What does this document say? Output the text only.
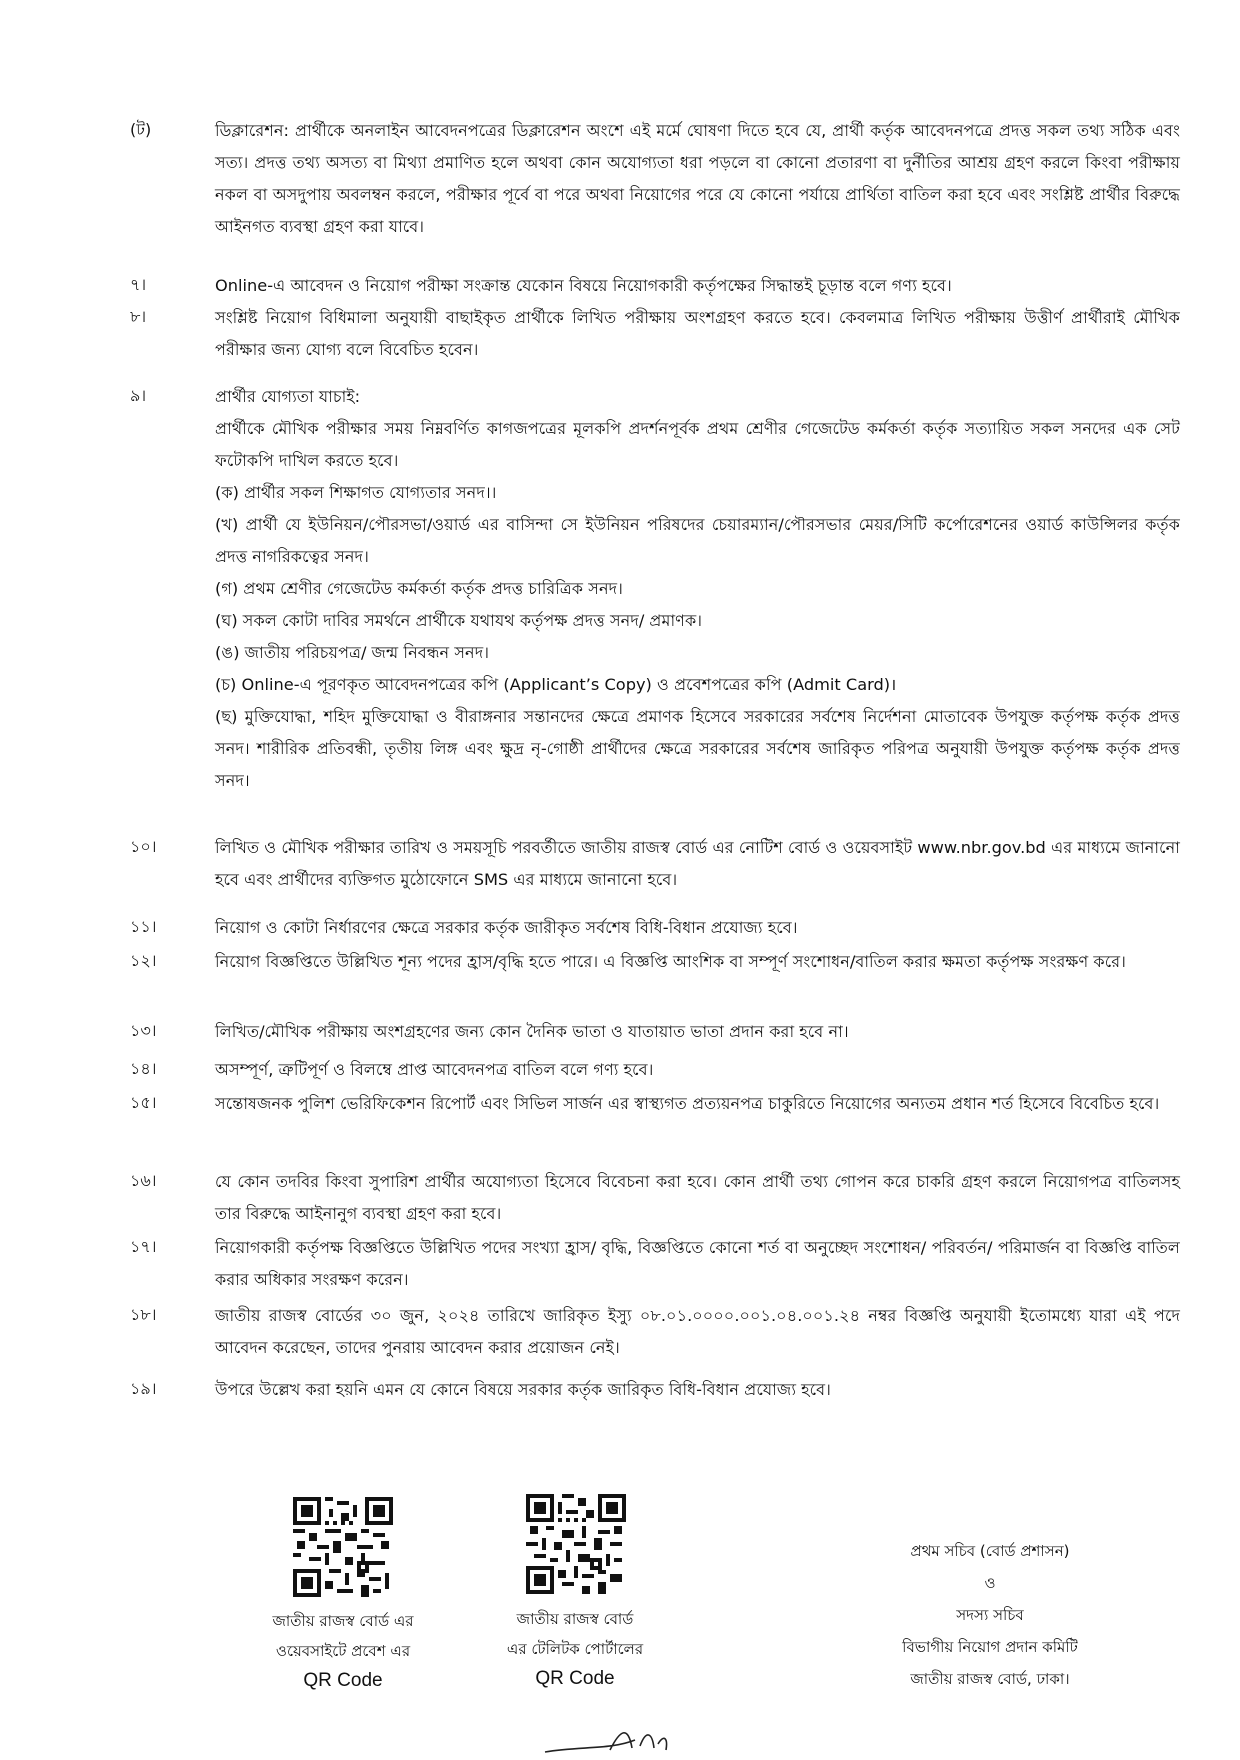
(ট)	ডিক্লারেশন: প্রার্থীকে অনলাইন আবেদনপত্রের ডিক্লারেশন অংশে এই মর্মে ঘোষণা দিতে হবে যে, প্রার্থী কর্তৃক আবেদনপত্রে প্রদত্ত সকল তথ্য সঠিক এবং সত্য। প্রদত্ত তথ্য অসত্য বা মিথ্যা প্রমাণিত হলে অথবা কোন অযোগ্যতা ধরা পড়লে বা কোনো প্রতারণা বা দুর্নীতির আশ্রয় গ্রহণ করলে কিংবা পরীক্ষায় নকল বা অসদুপায় অবলম্বন করলে, পরীক্ষার পূর্বে বা পরে অথবা নিয়োগের পরে যে কোনো পর্যায়ে প্রার্থিতা বাতিল করা হবে এবং সংশ্লিষ্ট প্রার্থীর বিরুদ্ধে আইনগত ব্যবস্থা গ্রহণ করা যাবে।
৭।	Online-এ আবেদন ও নিয়োগ পরীক্ষা সংক্রান্ত যেকোন বিষয়ে নিয়োগকারী কর্তৃপক্ষের সিদ্ধান্তই চূড়ান্ত বলে গণ্য হবে।
৮।	সংশ্লিষ্ট নিয়োগ বিধিমালা অনুযায়ী বাছাইকৃত প্রার্থীকে লিখিত পরীক্ষায় অংশগ্রহণ করতে হবে। কেবলমাত্র লিখিত পরীক্ষায় উত্তীর্ণ প্রার্থীরাই মৌখিক পরীক্ষার জন্য যোগ্য বলে বিবেচিত হবেন।
৯।	প্রার্থীর যোগ্যতা যাচাই:
প্রার্থীকে মৌখিক পরীক্ষার সময় নিম্নবর্ণিত কাগজপত্রের মূলকপি প্রদর্শনপূর্বক প্রথম শ্রেণীর গেজেটেড কর্মকর্তা কর্তৃক সত্যায়িত সকল সনদের এক সেট ফটোকপি দাখিল করতে হবে।
(ক) প্রার্থীর সকল শিক্ষাগত যোগ্যতার সনদ।।
(খ) প্রার্থী যে ইউনিয়ন/পৌরসভা/ওয়ার্ড এর বাসিন্দা সে ইউনিয়ন পরিষদের চেয়ারম্যান/পৌরসভার মেয়র/সিটি কর্পোরেশনের ওয়ার্ড কাউন্সিলর কর্তৃক প্রদত্ত নাগরিকত্বের সনদ।
(গ) প্রথম শ্রেণীর গেজেটেড কর্মকর্তা কর্তৃক প্রদত্ত চারিত্রিক সনদ।
(ঘ) সকল কোটা দাবির সমর্থনে প্রার্থীকে যথাযথ কর্তৃপক্ষ প্রদত্ত সনদ/ প্রমাণক।
(ঙ) জাতীয় পরিচয়পত্র/ জন্ম নিবন্ধন সনদ।
(চ) Online-এ পূরণকৃত আবেদনপত্রের কপি (Applicant’s Copy) ও প্রবেশপত্রের কপি (Admit Card)।
(ছ) মুক্তিযোদ্ধা, শহিদ মুক্তিযোদ্ধা ও বীরাঙ্গনার সন্তানদের ক্ষেত্রে প্রমাণক হিসেবে সরকারের সর্বশেষ নির্দেশনা মোতাবেক উপযুক্ত কর্তৃপক্ষ কর্তৃক প্রদত্ত সনদ। শারীরিক প্রতিবন্ধী, তৃতীয় লিঙ্গ এবং ক্ষুদ্র নৃ-গোষ্ঠী প্রার্থীদের ক্ষেত্রে সরকারের সর্বশেষ জারিকৃত পরিপত্র অনুযায়ী উপযুক্ত কর্তৃপক্ষ কর্তৃক প্রদত্ত সনদ।
১০।	লিখিত ও মৌখিক পরীক্ষার তারিখ ও সময়সূচি পরবর্তীতে জাতীয় রাজস্ব বোর্ড এর নোটিশ বোর্ড ও ওয়েবসাইট www.nbr.gov.bd এর মাধ্যমে জানানো হবে এবং প্রার্থীদের ব্যক্তিগত মুঠোফোনে SMS এর মাধ্যমে জানানো হবে।
১১।	নিয়োগ ও কোটা নির্ধারণের ক্ষেত্রে সরকার কর্তৃক জারীকৃত সর্বশেষ বিধি-বিধান প্রযোজ্য হবে।
১২।	নিয়োগ বিজ্ঞপ্তিতে উল্লিখিত শূন্য পদের হ্রাস/বৃদ্ধি হতে পারে। এ বিজ্ঞপ্তি আংশিক বা সম্পূর্ণ সংশোধন/বাতিল করার ক্ষমতা কর্তৃপক্ষ সংরক্ষণ করে।
১৩।	লিখিত/মৌখিক পরীক্ষায় অংশগ্রহণের জন্য কোন দৈনিক ভাতা ও যাতায়াত ভাতা প্রদান করা হবে না।
১৪।	অসম্পূর্ণ, ত্রুটিপূর্ণ ও বিলম্বে প্রাপ্ত আবেদনপত্র বাতিল বলে গণ্য হবে।
১৫।	সন্তোষজনক পুলিশ ভেরিফিকেশন রিপোর্ট এবং সিভিল সার্জন এর স্বাস্থ্যগত প্রত্যয়নপত্র চাকুরিতে নিয়োগের অন্যতম প্রধান শর্ত হিসেবে বিবেচিত হবে।
১৬।	যে কোন তদবির কিংবা সুপারিশ প্রার্থীর অযোগ্যতা হিসেবে বিবেচনা করা হবে। কোন প্রার্থী তথ্য গোপন করে চাকরি গ্রহণ করলে নিয়োগপত্র বাতিলসহ তার বিরুদ্ধে আইনানুগ ব্যবস্থা গ্রহণ করা হবে।
১৭।	নিয়োগকারী কর্তৃপক্ষ বিজ্ঞপ্তিতে উল্লিখিত পদের সংখ্যা হ্রাস/ বৃদ্ধি, বিজ্ঞপ্তিতে কোনো শর্ত বা অনুচ্ছেদ সংশোধন/ পরিবর্তন/ পরিমার্জন বা বিজ্ঞপ্তি বাতিল করার অধিকার সংরক্ষণ করেন।
১৮।	জাতীয় রাজস্ব বোর্ডের ৩০ জুন, ২০২৪ তারিখে জারিকৃত ইস্যু ০৮.০১.০০০০.০০১.০৪.০০১.২৪ নম্বর বিজ্ঞপ্তি অনুযায়ী ইতোমধ্যে যারা এই পদে আবেদন করেছেন, তাদের পুনরায় আবেদন করার প্রয়োজন নেই।
১৯।	উপরে উল্লেখ করা হয়নি এমন যে কোনে বিষয়ে সরকার কর্তৃক জারিকৃত বিধি-বিধান প্রযোজ্য হবে।
জাতীয় রাজস্ব বোর্ড এর
ওয়েবসাইটে প্রবেশ এর
QR Code
জাতীয় রাজস্ব বোর্ড
এর টেলিটক পোর্টালের
QR Code
প্রথম সচিব (বোর্ড প্রশাসন)
ও
সদস্য সচিব
বিভাগীয় নিয়োগ প্রদান কমিটি
জাতীয় রাজস্ব বোর্ড, ঢাকা।
